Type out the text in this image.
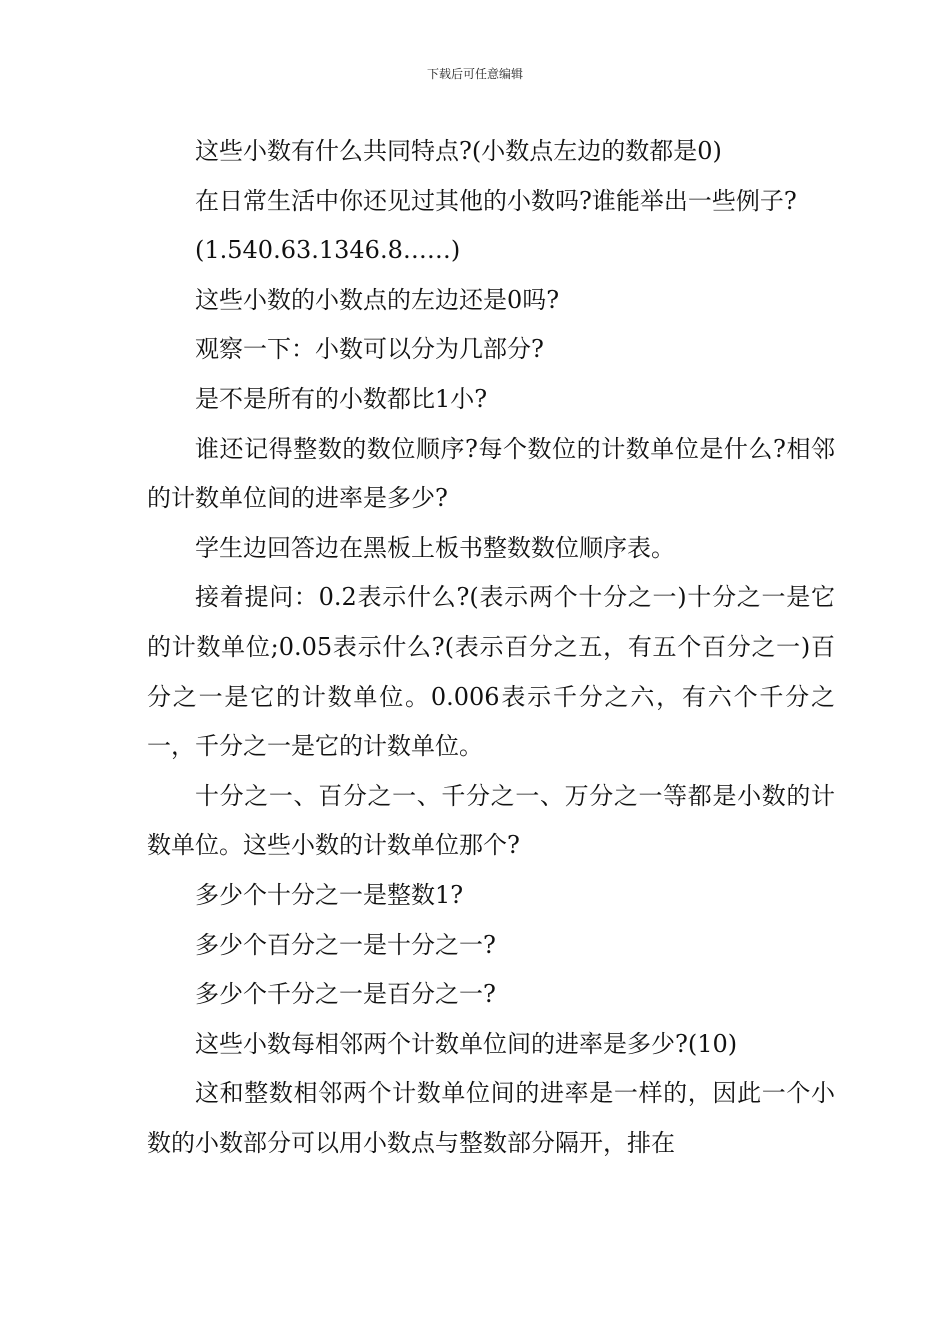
下载后可任意编辑

这些小数有什么共同特点?(小数点左边的数都是0)

在日常生活中你还见过其他的小数吗?谁能举出一些例子?

(1.540.63.1346.8……)

这些小数的小数点的左边还是0吗?

观察一下：小数可以分为几部分?

是不是所有的小数都比1小?

谁还记得整数的数位顺序?每个数位的计数单位是什么?相邻的计数单位间的进率是多少?

学生边回答边在黑板上板书整数数位顺序表。

接着提问：0.2表示什么?(表示两个十分之一)十分之一是它的计数单位;0.05表示什么?(表示百分之五，有五个百分之一)百分之一是它的计数单位。0.006表示千分之六，有六个千分之一，千分之一是它的计数单位。

十分之一、百分之一、千分之一、万分之一等都是小数的计数单位。这些小数的计数单位那个?

多少个十分之一是整数1?

多少个百分之一是十分之一?

多少个千分之一是百分之一?

这些小数每相邻两个计数单位间的进率是多少?(10)

这和整数相邻两个计数单位间的进率是一样的，因此一个小数的小数部分可以用小数点与整数部分隔开，排在
